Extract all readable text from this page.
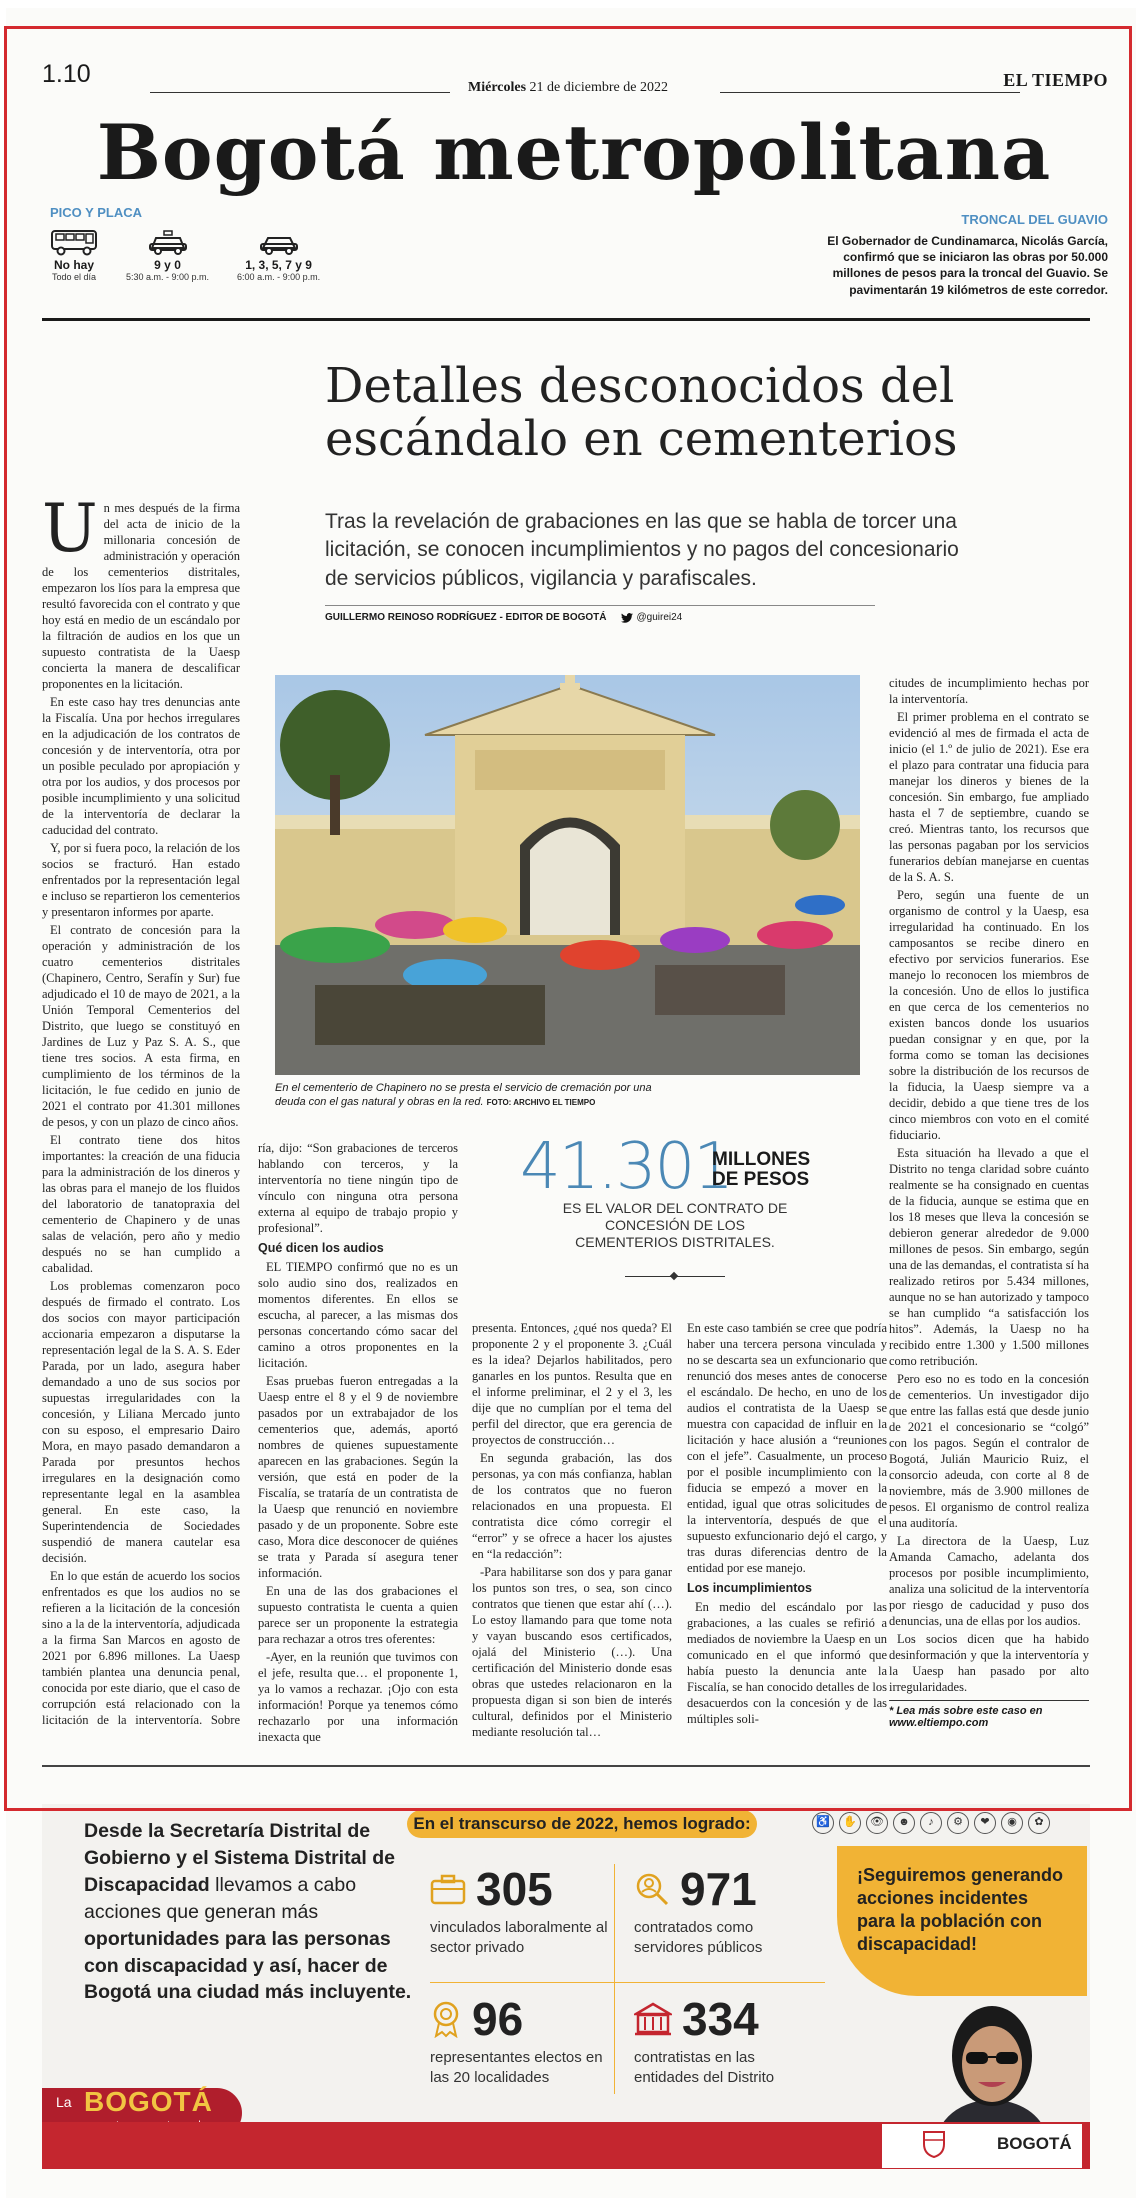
1.10	Miércoles 21 de diciembre de 2022	EL TIEMPO
Bogotá metropolitana
PICO Y PLACA
No hay
Todo el día
9 y 0
5:30 a.m. - 9:00 p.m.
1, 3, 5, 7 y 9
6:00 a.m. - 9:00 p.m.
TRONCAL DEL GUAVIO
El Gobernador de Cundinamarca, Nicolás García, confirmó que se iniciaron las obras por 50.000 millones de pesos para la troncal del Guavio. Se pavimentarán 19 kilómetros de este corredor.
Detalles desconocidos del escándalo en cementerios
Tras la revelación de grabaciones en las que se habla de torcer una licitación, se conocen incumplimientos y no pagos del concesionario de servicios públicos, vigilancia y parafiscales.
GUILLERMO REINOSO RODRÍGUEZ - EDITOR DE BOGOTÁ	@guirei24

Un mes después de la firma del acta de inicio de la millonaria concesión de administración y operación de los cementerios distritales, empezaron los líos para la empresa que resultó favorecida con el contrato y que hoy está en medio de un escándalo por la filtración de audios en los que un supuesto contratista de la Uaesp concierta la manera de descalificar proponentes en la licitación.

En este caso hay tres denuncias ante la Fiscalía. Una por hechos irregulares en la adjudicación de los contratos de concesión y de interventoría, otra por un posible peculado por apropiación y otra por los audios, y dos procesos por posible incumplimiento y una solicitud de la interventoría de declarar la caducidad del contrato.

Y, por si fuera poco, la relación de los socios se fracturó. Han estado enfrentados por la representación legal e incluso se repartieron los cementerios y presentaron informes por aparte.

El contrato de concesión para la operación y administración de los cuatro cementerios distritales (Chapinero, Centro, Serafín y Sur) fue adjudicado el 10 de mayo de 2021, a la Unión Temporal Cementerios del Distrito, que luego se constituyó en Jardines de Luz y Paz S. A. S., que tiene tres socios. A esta firma, en cumplimiento de los términos de la licitación, le fue cedido en junio de 2021 el contrato por 41.301 millones de pesos, y con un plazo de cinco años.

El contrato tiene dos hitos importantes: la creación de una fiducia para la administración de los dineros y las obras para el manejo de los fluidos del laboratorio de tanatopraxia del cementerio de Chapinero y de unas salas de velación, pero año y medio después no se han cumplido a cabalidad.

Los problemas comenzaron poco después de firmado el contrato. Los dos socios con mayor participación accionaria empezaron a disputarse la representación legal de la S. A. S. Eder Parada, por un lado, asegura haber demandado a uno de sus socios por supuestas irregularidades con la concesión, y Liliana Mercado junto con su esposo, el empresario Dairo Mora, en mayo pasado demandaron a Parada por presuntos hechos irregulares en la designación como representante legal en la asamblea general. En este caso, la Superintendencia de Sociedades suspendió de manera cautelar esa decisión.

En lo que están de acuerdo los socios enfrentados es que los audios no se refieren a la licitación de la concesión sino a la de la interventoría, adjudicada a la firma San Marcos en agosto de 2021 por 6.896 millones. La Uaesp también plantea una denuncia penal, conocida por este diario, que el caso de corrupción está relacionado con la licitación de la interventoría. Sobre

En el cementerio de Chapinero no se presta el servicio de cremación por una deuda con el gas natural y obras en la red. FOTO: ARCHIVO EL TIEMPO
41.301
MILLONES
DE PESOS
ES EL VALOR DEL CONTRATO DE CONCESIÓN DE LOS CEMENTERIOS DISTRITALES.

ría, dijo: “Son grabaciones de terceros hablando con terceros, y la interventoría no tiene ningún tipo de vínculo con ninguna otra persona externa al equipo de trabajo propio y profesional”.

Qué dicen los audios

EL TIEMPO confirmó que no es un solo audio sino dos, realizados en momentos diferentes. En ellos se escucha, al parecer, a las mismas dos personas concertando cómo sacar del camino a otros proponentes en la licitación.

Esas pruebas fueron entregadas a la Uaesp entre el 8 y el 9 de noviembre pasados por un extrabajador de los cementerios que, además, aportó nombres de quienes supuestamente aparecen en las grabaciones. Según la versión, que está en poder de la Fiscalía, se trataría de un contratista de la Uaesp que renunció en noviembre pasado y de un proponente. Sobre este caso, Mora dice desconocer de quiénes se trata y Parada sí asegura tener información.

En una de las dos grabaciones el supuesto contratista le cuenta a quien parece ser un proponente la estrategia para rechazar a otros tres oferentes:

-Ayer, en la reunión que tuvimos con el jefe, resulta que… el proponente 1, ya lo vamos a rechazar. ¡Ojo con esta información! Porque ya tenemos cómo rechazarlo por una información inexacta que

presenta. Entonces, ¿qué nos queda? El proponente 2 y el proponente 3. ¿Cuál es la idea? Dejarlos habilitados, pero ganarles en los puntos. Resulta que en el informe preliminar, el 2 y el 3, les dije que no cumplían por el tema del perfil del director, que era gerencia de proyectos de construcción…

En segunda grabación, las dos personas, ya con más confianza, hablan de los contratos que no fueron relacionados en una propuesta. El contratista dice cómo corregir el “error” y se ofrece a hacer los ajustes en “la redacción”:

-Para habilitarse son dos y para ganar los puntos son tres, o sea, son cinco contratos que tienen que estar ahí (…). Lo estoy llamando para que tome nota y vayan buscando esos certificados, ojalá del Ministerio (…). Una certificación del Ministerio donde esas obras que ustedes relacionaron en la propuesta digan si son bien de interés cultural, definidos por el Ministerio mediante resolución tal…

En este caso también se cree que podría haber una tercera persona vinculada y no se descarta sea un exfuncionario que renunció dos meses antes de conocerse el escándalo. De hecho, en uno de los audios el contratista de la Uaesp se muestra con capacidad de influir en la licitación y hace alusión a “reuniones con el jefe”. Casualmente, un proceso por el posible incumplimiento con la fiducia se empezó a mover en la entidad, igual que otras solicitudes de la interventoría, después de que el supuesto exfuncionario dejó el cargo, y tras duras diferencias dentro de la entidad por ese manejo.

Los incumplimientos

En medio del escándalo por las grabaciones, a las cuales se refirió a mediados de noviembre la Uaesp en un comunicado en el que informó que había puesto la denuncia ante la Fiscalía, se han conocido detalles de los desacuerdos con la concesión y de las múltiples soli-

citudes de incumplimiento hechas por la interventoría.

El primer problema en el contrato se evidenció al mes de firmada el acta de inicio (el 1.º de julio de 2021). Ese era el plazo para contratar una fiducia para manejar los dineros y bienes de la concesión. Sin embargo, fue ampliado hasta el 7 de septiembre, cuando se creó. Mientras tanto, los recursos que las personas pagaban por los servicios funerarios debían manejarse en cuentas de la S. A. S.

Pero, según una fuente de un organismo de control y la Uaesp, esa irregularidad ha continuado. En los camposantos se recibe dinero en efectivo por servicios funerarios. Ese manejo lo reconocen los miembros de la concesión. Uno de ellos lo justifica en que cerca de los cementerios no existen bancos donde los usuarios puedan consignar y en que, por la forma como se toman las decisiones sobre la distribución de los recursos de la fiducia, la Uaesp siempre va a decidir, debido a que tiene tres de los cinco miembros con voto en el comité fiduciario.

Esta situación ha llevado a que el Distrito no tenga claridad sobre cuánto realmente se ha consignado en cuentas de la fiducia, aunque se estima que en los 18 meses que lleva la concesión se debieron generar alrededor de 9.000 millones de pesos. Sin embargo, según una de las demandas, el contratista sí ha realizado retiros por 5.434 millones, aunque no se han autorizado y tampoco se han cumplido “a satisfacción los hitos”. Además, la Uaesp no ha recibido entre 1.300 y 1.500 millones como retribución.

Pero eso no es todo en la concesión de cementerios. Un investigador dijo que entre las fallas está que desde junio de 2021 el concesionario se “colgó” con los pagos. Según el contralor de Bogotá, Julián Mauricio Ruiz, el consorcio adeuda, con corte al 8 de noviembre, más de 3.900 millones de pesos. El organismo de control realiza una auditoría.

La directora de la Uaesp, Luz Amanda Camacho, adelanta dos procesos por posible incumplimiento, analiza una solicitud de la interventoría por riesgo de caducidad y puso dos denuncias, una de ellas por los audios.

Los socios dicen que ha habido desinformación y que la interventoría y la Uaesp han pasado por alto irregularidades.

* Lea más sobre este caso en www.eltiempo.com
Desde la Secretaría Distrital de Gobierno y el Sistema Distrital de Discapacidad llevamos a cabo acciones que generan más oportunidades para las personas con discapacidad y así, hacer de Bogotá una ciudad más incluyente.
En el transcurso de 2022, hemos logrado:	♿	✋	👁	☻	♪	⚙	❤	◉	✿
305
vinculados laboralmente al sector privado
971
contratados como servidores públicos
96
representantes electos en las 20 localidades
334
contratistas en las entidades del Distrito
¡Seguiremos generando acciones incidentes para la población con discapacidad!
La BOGOTÁ
BOGOTÁ
